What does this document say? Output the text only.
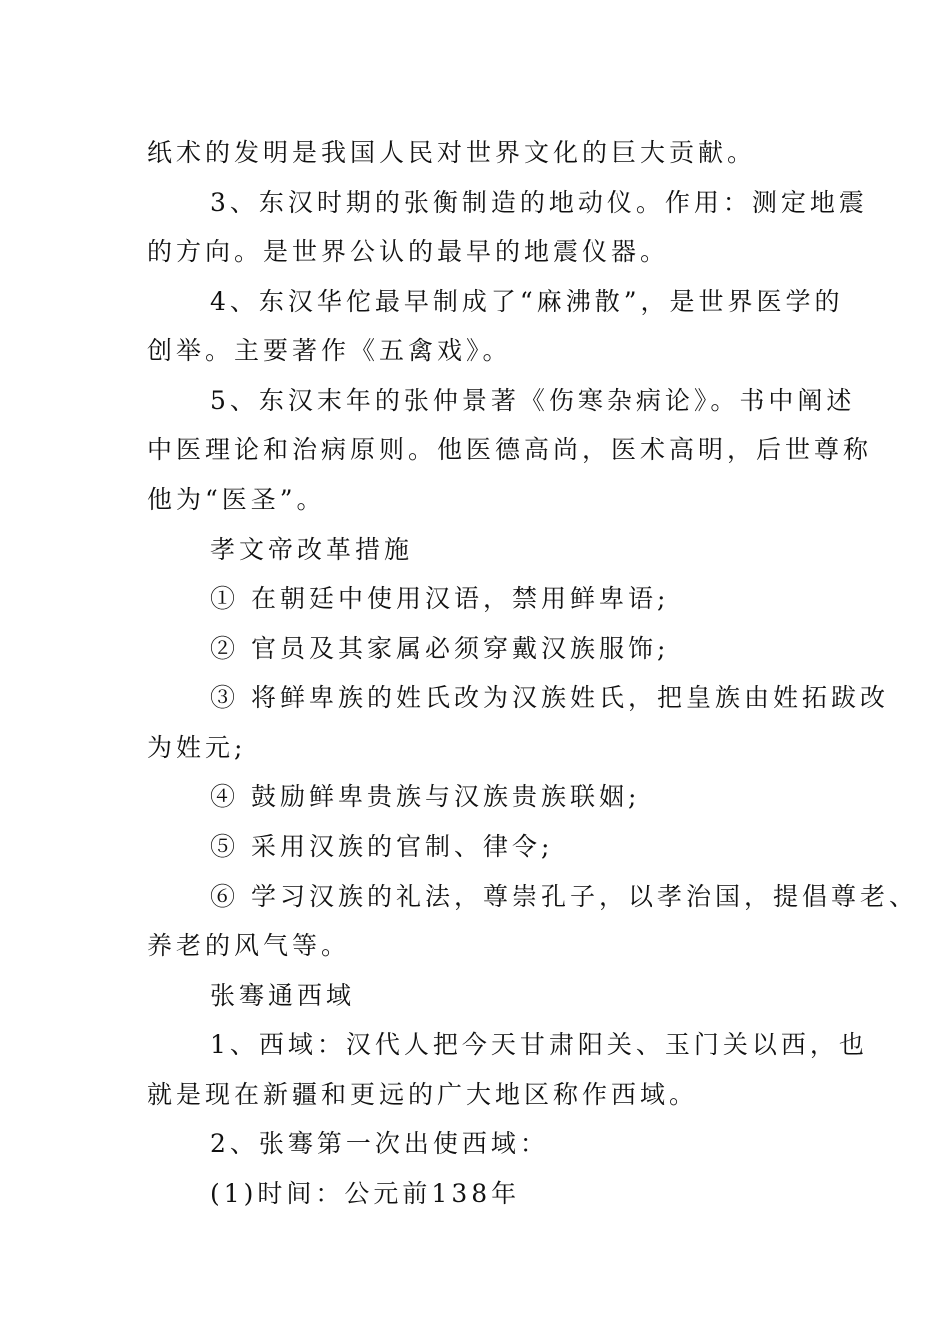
纸术的发明是我国人民对世界文化的巨大贡献。
3、东汉时期的张衡制造的地动仪。作用：测定地震
的方向。是世界公认的最早的地震仪器。
4、东汉华佗最早制成了“麻沸散”，是世界医学的
创举。主要著作《五禽戏》。
5、东汉末年的张仲景著《伤寒杂病论》。书中阐述
中医理论和治病原则。他医德高尚，医术高明，后世尊称
他为“医圣”。
孝文帝改革措施
① 在朝廷中使用汉语，禁用鲜卑语;
② 官员及其家属必须穿戴汉族服饰;
③ 将鲜卑族的姓氏改为汉族姓氏，把皇族由姓拓跋改
为姓元;
④ 鼓励鲜卑贵族与汉族贵族联姻;
⑤ 采用汉族的官制、律令;
⑥ 学习汉族的礼法，尊崇孔子，以孝治国，提倡尊老、
养老的风气等。
张骞通西域
1、西域：汉代人把今天甘肃阳关、玉门关以西，也
就是现在新疆和更远的广大地区称作西域。
2、张骞第一次出使西域：
(1)时间：公元前138年
